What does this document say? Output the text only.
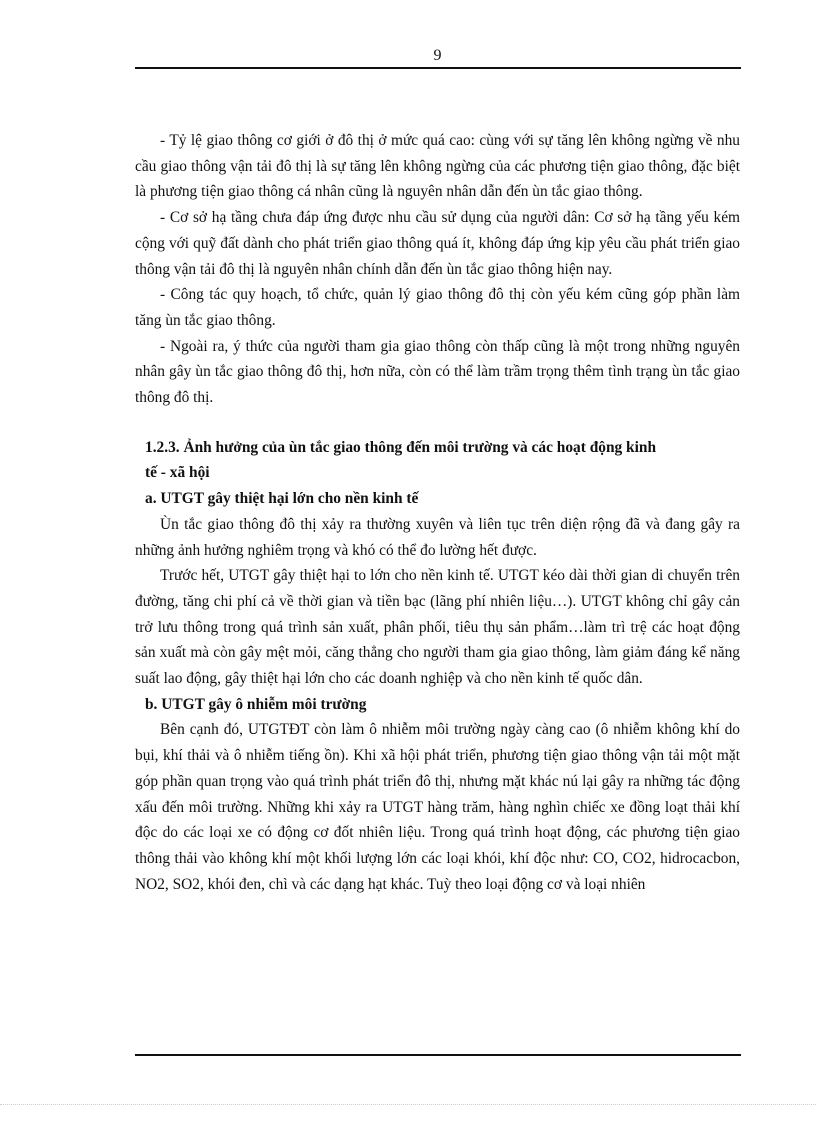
9

- Tỷ lệ giao thông cơ giới ở đô thị ở mức quá cao: cùng với sự tăng lên không ngừng về nhu cầu giao thông vận tải đô thị là sự tăng lên không ngừng của các phương tiện giao thông, đặc biệt là phương tiện giao thông cá nhân cũng là nguyên nhân dẫn đến ùn tắc giao thông.

- Cơ sở hạ tầng chưa đáp ứng được nhu cầu sử dụng của người dân: Cơ sở hạ tầng yếu kém cộng với quỹ đất dành cho phát triển giao thông quá ít, không đáp ứng kịp yêu cầu phát triển giao thông vận tải đô thị là nguyên nhân chính dẫn đến ùn tắc giao thông hiện nay.

- Công tác quy hoạch, tổ chức, quản lý giao thông đô thị còn yếu kém cũng góp phần làm tăng ùn tắc giao thông.

- Ngoài ra, ý thức của người tham gia giao thông còn thấp cũng là một trong những nguyên nhân gây ùn tắc giao thông đô thị, hơn nữa, còn có thể làm trầm trọng thêm tình trạng ùn tắc giao thông đô thị.

1.2.3. Ảnh hưởng của ùn tắc giao thông đến môi trường và các hoạt động kinh

tế - xã hội

a. UTGT gây thiệt hại lớn cho nền kinh tế

Ùn tắc giao thông đô thị xảy ra thường xuyên và liên tục trên diện rộng đã và đang gây ra những ảnh hưởng nghiêm trọng và khó có thể đo lường hết được.

Trước hết, UTGT gây thiệt hại to lớn cho nền kinh tế. UTGT kéo dài thời gian di chuyển trên đường, tăng chi phí cả về thời gian và tiền bạc (lãng phí nhiên liệu…). UTGT không chỉ gây cản trở lưu thông trong quá trình sản xuất, phân phối, tiêu thụ sản phẩm…làm trì trệ các hoạt động sản xuất mà còn gây mệt mỏi, căng thẳng cho người tham gia giao thông, làm giảm đáng kể năng suất lao động, gây thiệt hại lớn cho các doanh nghiệp và cho nền kinh tế quốc dân.

b. UTGT gây ô nhiễm môi trường

Bên cạnh đó, UTGTĐT còn làm ô nhiễm môi trường ngày càng cao (ô nhiễm không khí do bụi, khí thải và ô nhiễm tiếng ồn). Khi xã hội phát triển, phương tiện giao thông vận tải một mặt góp phần quan trọng vào quá trình phát triển đô thị, nhưng mặt khác nú lại gây ra những tác động xấu đến môi trường. Những khi xảy ra UTGT hàng trăm, hàng nghìn chiếc xe đồng loạt thải khí độc do các loại xe có động cơ đốt nhiên liệu. Trong quá trình hoạt động, các phương tiện giao thông thải vào không khí một khối lượng lớn các loại khói, khí độc như: CO, CO2, hidrocacbon, NO2, SO2, khói đen, chì và các dạng hạt khác. Tuỳ theo loại động cơ và loại nhiên
